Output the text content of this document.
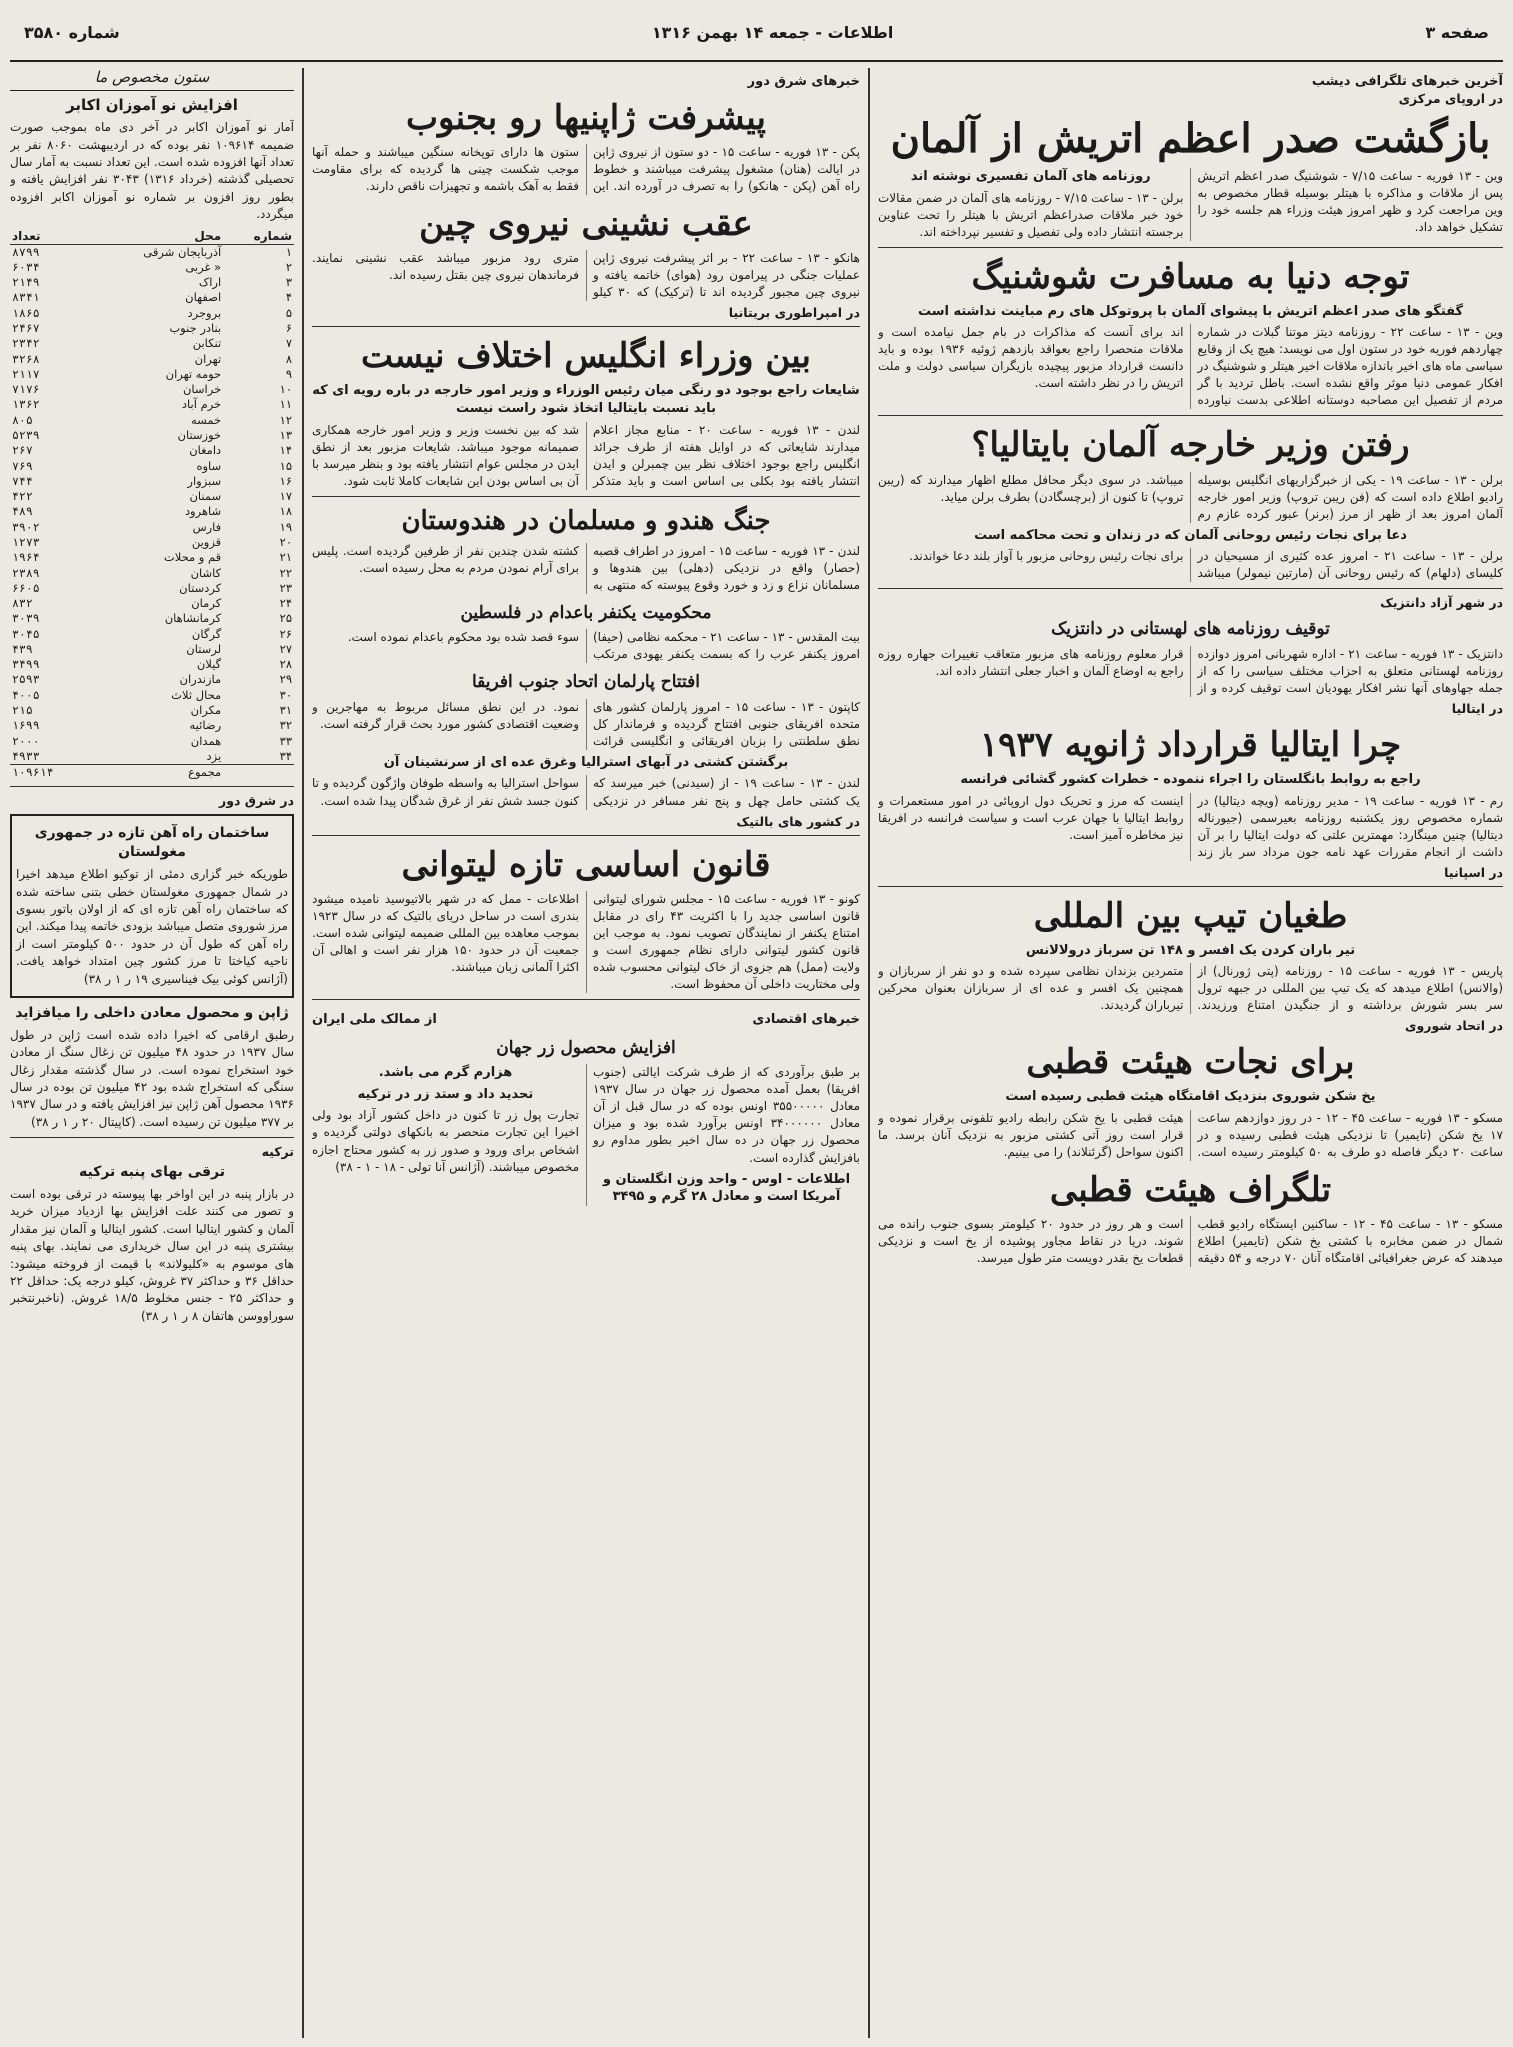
صفحه ۳
اطلاعات - جمعه ۱۴ بهمن ۱۳۱۶
شماره ۳۵۸۰
آخرین خبرهای تلگرافی دیشب
در اروپای مرکزی
بازگشت صدر اعظم اتریش از آلمان
وین - ۱۳ فوریه - ساعت ۷/۱۵ - شوشنیگ صدر اعظم اتریش پس از ملاقات و مذاکره با هیتلر بوسیله قطار مخصوص به وین مراجعت کرد و ظهر امروز هیئت وزراء هم جلسه خود را تشکیل خواهد داد.
روزنامه های آلمان تفسیری نوشته اند
برلن - ۱۳ - ساعت ۷/۱۵ - روزنامه های آلمان در ضمن مقالات خود خبر ملاقات صدراعظم اتریش با هیتلر را تحت عناوین برجسته انتشار داده ولی تفصیل و تفسیر نپرداخته اند.
توجه دنیا به مسافرت شوشنیگ
گفتگو های صدر اعظم اتریش با پیشوای آلمان با پروتوکل های رم مباینت نداشته است
وین - ۱۳ - ساعت ۲۲ - روزنامه دیتز موتنا گبلات در شماره چهاردهم فوریه خود در ستون اول می نویسد: هیچ یک از وقایع سیاسی ماه های اخیر باندازه ملاقات اخیر هیتلر و شوشنیگ در افکار عمومی دنیا موثر واقع نشده است. باطل تردید با گر مردم از تفصیل این مصاحبه دوستانه اطلاعی بدست نیاورده اند برای آنست که مذاکرات در بام جمل نیامده است و ملاقات منحصرا راجع بعواقد بازدهم ژوئیه ۱۹۳۶ بوده و باید دانست قرارداد مزبور پیچیده بازیگران سیاسی دولت و ملت اتریش را در نظر داشته است.
رفتن وزیر خارجه آلمان بایتالیا؟
برلن - ۱۳ - ساعت ۱۹ - یکی از خبرگزاریهای انگلیس بوسیله رادیو اطلاع داده است که (فن ریبن تروپ) وزیر امور خارجه آلمان امروز بعد از ظهر از مرز (برنر) عبور کرده عازم رم میباشد. در سوی دیگر محافل مطلع اظهار میدارند که (ریبن تروپ) تا کنون از (برچسگادن) بطرف برلن میاید.
دعا برای نجات رئیس روحانی آلمان که در زندان و تحت محاکمه است
برلن - ۱۳ - ساعت ۲۱ - امروز عده کثیری از مسیحیان در کلیسای (دلهام) که رئیس روحانی آن (مارتین نیمولر) میباشد برای نجات رئیس روحانی مزبور با آواز بلند دعا خواندند.
در شهر آزاد دانتزیک
توقیف روزنامه های لهستانی در دانتزیک
دانتزیک - ۱۳ فوریه - ساعت ۲۱ - اداره شهربانی امروز دوازده روزنامه لهستانی متعلق به احزاب مختلف سیاسی را که از جمله جهاوهای آنها نشر افکار یهودیان است توقیف کرده و از قرار معلوم روزنامه های مزبور متعاقب تغییرات جهاره روزه راجع به اوضاع آلمان و اخبار جعلی انتشار داده اند.
در ایتالیا
چرا ایتالیا قرارداد ژانویه ۱۹۳۷
راجع به روابط بانگلستان را اجراء ننموده - خطرات کشور گشائی فرانسه
رم - ۱۳ فوریه - ساعت ۱۹ - مدیر روزنامه (ویچه دیتالیا) در شماره مخصوص روز یکشنبه روزنامه بعیرسمی (جیورناله دیتالیا) چنین مینگارد: مهمترین علتی که دولت ایتالیا را بر آن داشت از انجام مقررات عهد نامه جون مرداد سر باز زند اینست که مرز و تحریک دول اروپائی در امور مستعمرات و روابط ایتالیا با جهان عرب است و سیاست فرانسه در افریقا نیز مخاطره آمیز است.
در اسپانیا
طغیان تیپ بین المللی
تیر باران کردن یک افسر و ۱۴۸ تن سرباز درولالانس
پاریس - ۱۳ فوریه - ساعت ۱۵ - روزنامه (پتی ژورنال) از (والانس) اطلاع میدهد که یک تیپ بین المللی در جبهه ترول سر بسر شورش برداشته و از جنگیدن امتناع ورزیدند. متمردین بزندان نظامی سپرده شده و دو نفر از سربازان و همچنین یک افسر و عده ای از سربازان بعنوان محرکین تیرباران گردیدند.
در اتحاد شوروی
برای نجات هیئت قطبی
یخ شکن شوروی بنزدیک اقامتگاه هیئت قطبی رسیده است
مسکو - ۱۳ فوریه - ساعت ۴۵ - ۱۲ - در روز دوازدهم ساعت ۱۷ یخ شکن (تایمیر) تا نزدیکی هیئت قطبی رسیده و در ساعت ۲۰ دیگر فاصله دو طرف به ۵۰ کیلومتر رسیده است. هیئت قطبی با یخ شکن رابطه رادیو تلفونی برقرار نموده و قرار است روز آتی کشتی مزبور به نزدیک آنان برسد. ما اکنون سواحل (گرئنلاند) را می بینیم.
تلگراف هیئت قطبی
مسکو - ۱۳ - ساعت ۴۵ - ۱۲ - ساکنین ایستگاه رادیو قطب شمال در ضمن مخابره با کشتی یخ شکن (تایمیر) اطلاع میدهند که عرض جغرافیائی اقامتگاه آنان ۷۰ درجه و ۵۴ دقیقه است و هر روز در حدود ۲۰ کیلومتر بسوی جنوب رانده می شوند. دریا در نقاط مجاور پوشیده از یخ است و نزدیکی قطعات یخ بقدر دویست متر طول میرسد.
خبرهای شرق دور
پیشرفت ژاپنیها رو بجنوب
پکن - ۱۳ فوریه - ساعت ۱۵ - دو ستون از نیروی ژاپن در ایالت (هنان) مشغول پیشرفت میباشند و خطوط راه آهن (پکن - هانکو) را به تصرف در آورده اند. این ستون ها دارای توپخانه سنگین میباشند و حمله آنها موجب شکست چینی ها گردیده که برای مقاومت فقط به آهک باشمه و تجهیزات ناقص دارند.
عقب نشینی نیروی چین
هانکو - ۱۳ - ساعت ۲۲ - بر اثر پیشرفت نیروی ژاپن عملیات جنگی در پیرامون رود (هوای) خاتمه یافته و نیروی چین مجبور گردیده اند تا (ترکیک) که ۳۰ کیلو متری رود مزبور میباشد عقب نشینی نمایند. فرماندهان نیروی چین بقتل رسیده اند.
در امپراطوری بریتانیا
بین وزراء انگلیس اختلاف نیست
شایعات راجع بوجود دو رنگی میان رئیس الوزراء و وزیر امور خارجه در باره رویه ای که باید نسبت بایتالیا اتخاذ شود راست نیست
لندن - ۱۳ فوریه - ساعت ۲۰ - منابع مجاز اعلام میدارند شایعاتی که در اوایل هفته از طرف جرائد انگلیس راجع بوجود اختلاف نظر بین چمبرلن و ایدن انتشار یافته بود بکلی بی اساس است و باید متذکر شد که بین نخست وزیر و وزیر امور خارجه همکاری صمیمانه موجود میباشد. شایعات مزبور بعد از نطق ایدن در مجلس عوام انتشار یافته بود و بنظر میرسد با آن بی اساس بودن این شایعات کاملا ثابت شود.
جنگ هندو و مسلمان در هندوستان
لندن - ۱۳ فوریه - ساعت ۱۵ - امروز در اطراف قصبه (حصار) واقع در نزدیکی (دهلی) بین هندوها و مسلمانان نزاع و زد و خورد وقوع پیوسته که منتهی به کشته شدن چندین نفر از طرفین گردیده است. پلیس برای آرام نمودن مردم به محل رسیده است.
محکومیت یکنفر باعدام در فلسطین
بیت المقدس - ۱۳ - ساعت ۲۱ - محکمه نظامی (حیفا) امروز یکنفر عرب را که بسمت یکنفر یهودی مرتکب سوء قصد شده بود محکوم باعدام نموده است.
افتتاح پارلمان اتحاد جنوب افریقا
کاپتون - ۱۳ - ساعت ۱۵ - امروز پارلمان کشور های متحده افریقای جنوبی افتتاح گردیده و فرماندار کل نطق سلطنتی را بزبان افریقائی و انگلیسی قرائت نمود. در این نطق مسائل مربوط به مهاجرین و وضعیت اقتصادی کشور مورد بحث قرار گرفته است.
برگشتن کشتی در آبهای استرالیا وغرق عده ای از سرنشینان آن
لندن - ۱۳ - ساعت ۱۹ - از (سیدنی) خبر میرسد که یک کشتی حامل چهل و پنج نفر مسافر در نزدیکی سواحل استرالیا به واسطه طوفان واژگون گردیده و تا کنون جسد شش نفر از غرق شدگان پیدا شده است.
در کشور های بالتیک
قانون اساسی تازه لیتوانی
کونو - ۱۳ فوریه - ساعت ۱۵ - مجلس شورای لیتوانی قانون اساسی جدید را با اکثریت ۴۳ رای در مقابل امتناع یکنفر از نمایندگان تصویب نمود. به موجب این قانون کشور لیتوانی دارای نظام جمهوری است و ولایت (ممل) هم جزوی از خاک لیتوانی محسوب شده ولی مختاریت داخلی آن محفوظ است.
اطلاعات - ممل که در شهر بالاتیوسید نامیده میشود بندری است در ساحل دریای بالتیک که در سال ۱۹۲۳ بموجب معاهده بین المللی ضمیمه لیتوانی شده است. جمعیت آن در حدود ۱۵۰ هزار نفر است و اهالی آن اکثرا آلمانی زبان میباشند.
خبرهای اقتصادی
از ممالک ملی ایران
افزایش محصول زر جهان
بر طبق برآوردی که از طرف شرکت ایالتی (جنوب افریقا) بعمل آمده محصول زر جهان در سال ۱۹۳۷ معادل ۳۵۵۰۰۰۰۰ اونس بوده که در سال قبل از آن معادل ۳۴۰۰۰۰۰۰ اونس برآورد شده بود و میزان محصول زر جهان در ده سال اخیر بطور مداوم رو بافزایش گذارده است.
اطلاعات - اوس - واحد وزن انگلستان و آمریکا است و معادل ۲۸ گرم و ۳۴۹۵ هزارم گرم می باشد.
تحدید داد و ستد زر در ترکیه
تجارت پول زر تا کنون در داخل کشور آزاد بود ولی اخیرا این تجارت منحصر به بانکهای دولتی گردیده و اشخاص برای ورود و صدور زر به کشور محتاج اجازه مخصوص میباشند. (آژانس آنا تولی - ۱۸ - ۱ - ۳۸)
ستون مخصوص ما
افزایش نو آموزان اکابر
آمار نو آموزان اکابر در آخر دی ماه بموجب صورت ضمیمه ۱۰۹۶۱۴ نفر بوده که در اردیبهشت ۸۰۶۰ نفر بر تعداد آنها افزوده شده است. این تعداد نسبت به آمار سال تحصیلی گذشته (خرداد ۱۳۱۶) ۳۰۴۳ نفر افزایش یافته و بطور روز افزون بر شماره نو آموزان اکابر افزوده میگردد.
شماره	محل	تعداد
۱	آذربایجان شرقی	۸۷۹۹
۲	« غربی	۶۰۳۴
۳	اراک	۲۱۴۹
۴	اصفهان	۸۳۴۱
۵	بروجرد	۱۸۶۵
۶	بنادر جنوب	۲۴۶۷
۷	تنکابن	۲۳۴۲
۸	تهران	۳۲۶۸
۹	حومه تهران	۲۱۱۷
۱۰	خراسان	۷۱۷۶
۱۱	خرم آباد	۱۳۶۲
۱۲	خمسه	۸۰۵
۱۳	خوزستان	۵۲۳۹
۱۴	دامغان	۲۶۷
۱۵	ساوه	۷۶۹
۱۶	سبزوار	۷۴۴
۱۷	سمنان	۴۲۲
۱۸	شاهرود	۴۸۹
۱۹	فارس	۳۹۰۲
۲۰	قزوین	۱۲۷۳
۲۱	قم و محلات	۱۹۶۴
۲۲	کاشان	۲۳۸۹
۲۳	کردستان	۶۶۰۵
۲۴	کرمان	۸۳۲
۲۵	کرمانشاهان	۳۰۳۹
۲۶	گرگان	۳۰۴۵
۲۷	لرستان	۴۳۹
۲۸	گیلان	۳۴۹۹
۲۹	مازندران	۲۵۹۳
۳۰	محال ثلاث	۴۰۰۵
۳۱	مکران	۲۱۵
۳۲	رضائیه	۱۶۹۹
۳۳	همدان	۲۰۰۰
۳۴	یزد	۴۹۳۳
	مجموع	۱۰۹۶۱۴
در شرق دور
ساختمان راه آهن تازه در جمهوری مغولستان
طوریکه خبر گزاری دمئی از توکیو اطلاع میدهد اخیرا در شمال جمهوری مغولستان خطی بتنی ساخته شده که ساختمان راه آهن تازه ای که از اولان باتور بسوی مرز شوروی متصل میباشد بزودی خاتمه پیدا میکند. این راه آهن که طول آن در حدود ۵۰۰ کیلومتر است از ناحیه کیاختا تا مرز کشور چین امتداد خواهد یافت. (آژانس کوئی بیک فیناسیری ۱۹ ر ۱ ر ۳۸)
ژاپن و محصول معادن داخلی را میافزاید
رطبق ارقامی که اخیرا داده شده است ژاپن در طول سال ۱۹۳۷ در حدود ۴۸ میلیون تن زغال سنگ از معادن خود استخراج نموده است. در سال گذشته مقدار زغال سنگی که استخراج شده بود ۴۲ میلیون تن بوده در سال ۱۹۳۶ محصول آهن ژاپن نیز افزایش یافته و در سال ۱۹۳۷ بر ۳۷۷ میلیون تن رسیده است. (کاپیتال ۲۰ ر ۱ ر ۳۸)
ترکیه
ترقی بهای پنبه ترکیه
در بازار پنبه در این اواخر بها پیوسته در ترقی بوده است و تصور می کنند علت افزایش بها ازدیاد میزان خرید آلمان و کشور ایتالیا است. کشور ایتالیا و آلمان نیز مقدار بیشتری پنبه در این سال خریداری می نمایند. بهای پنبه های موسوم به «کلیولاند» با قیمت از فروخته میشود: حداقل ۳۶ و حداکثر ۳۷ غروش، کیلو درجه یک: حداقل ۲۲ و حداکثر ۲۵ - جنس مخلوط ۱۸/۵ غروش. (ناخبرنتخبر سوراووسن هاتفان ۸ ر ۱ ر ۳۸)
